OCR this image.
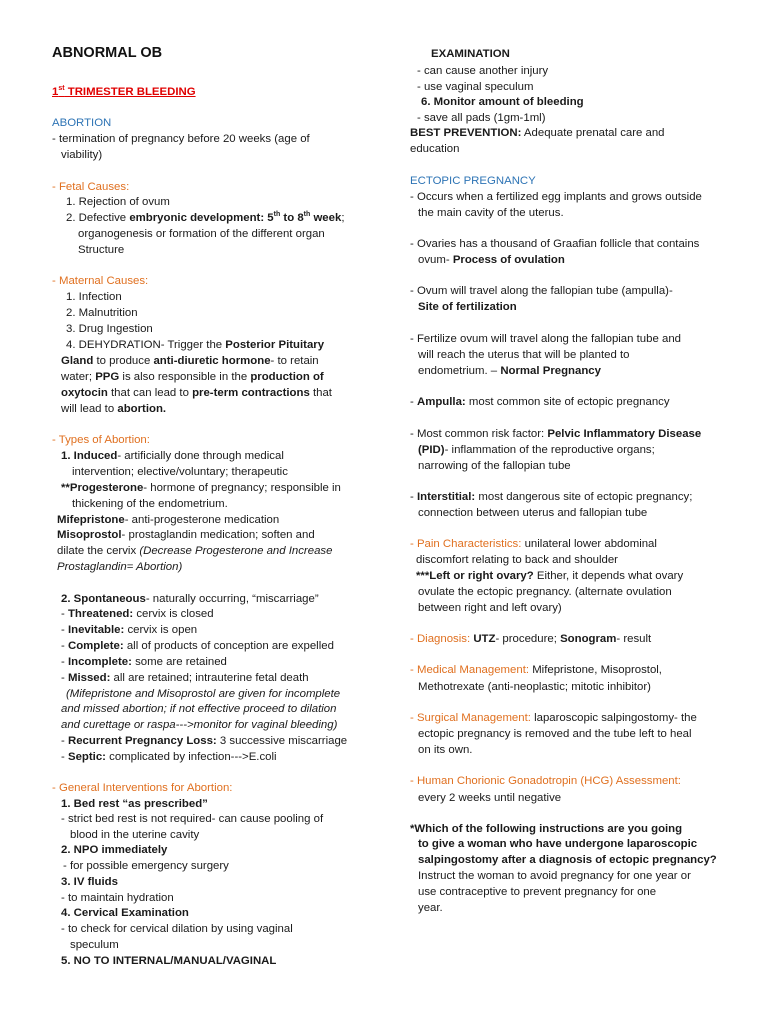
ABNORMAL OB
1st TRIMESTER BLEEDING
ABORTION
- termination of pregnancy before 20 weeks (age of
viability)
- Fetal Causes:
1. Rejection of ovum
2. Defective embryonic development: 5th to 8th week;
organogenesis or formation of the different organ
Structure
- Maternal Causes:
1. Infection
2. Malnutrition
3. Drug Ingestion
4. DEHYDRATION- Trigger the Posterior Pituitary
Gland to produce anti-diuretic hormone- to retain
water; PPG is also responsible in the production of
oxytocin that can lead to pre-term contractions that
will lead to abortion.
- Types of Abortion:
1. Induced- artificially done through medical
intervention; elective/voluntary; therapeutic
**Progesterone- hormone of pregnancy; responsible in
thickening of the endometrium.
Mifepristone- anti-progesterone medication
Misoprostol- prostaglandin medication; soften and
dilate the cervix (Decrease Progesterone and Increase
Prostaglandin= Abortion)
2. Spontaneous- naturally occurring, “miscarriage”
- Threatened: cervix is closed
- Inevitable: cervix is open
- Complete: all of products of conception are expelled
- Incomplete: some are retained
- Missed: all are retained; intrauterine fetal death
(Mifepristone and Misoprostol are given for incomplete
and missed abortion; if not effective proceed to dilation
and curettage or raspa--->monitor for vaginal bleeding)
- Recurrent Pregnancy Loss: 3 successive miscarriage
- Septic: complicated by infection--->E.coli
- General Interventions for Abortion:
1. Bed rest “as prescribed”
- strict bed rest is not required- can cause pooling of
blood in the uterine cavity
2. NPO immediately
- for possible emergency surgery
3. IV fluids
- to maintain hydration
4. Cervical Examination
- to check for cervical dilation by using vaginal
speculum
5. NO TO INTERNAL/MANUAL/VAGINAL
EXAMINATION
- can cause another injury
- use vaginal speculum
6. Monitor amount of bleeding
- save all pads (1gm-1ml)
BEST PREVENTION: Adequate prenatal care and
education
ECTOPIC PREGNANCY
- Occurs when a fertilized egg implants and grows outside
the main cavity of the uterus.
- Ovaries has a thousand of Graafian follicle that contains
ovum- Process of ovulation
- Ovum will travel along the fallopian tube (ampulla)-
Site of fertilization
- Fertilize ovum will travel along the fallopian tube and
will reach the uterus that will be planted to
endometrium. – Normal Pregnancy
- Ampulla: most common site of ectopic pregnancy
- Most common risk factor: Pelvic Inflammatory Disease
(PID)- inflammation of the reproductive organs;
narrowing of the fallopian tube
- Interstitial: most dangerous site of ectopic pregnancy;
connection between uterus and fallopian tube
- Pain Characteristics: unilateral lower abdominal
discomfort relating to back and shoulder
***Left or right ovary? Either, it depends what ovary
ovulate the ectopic pregnancy. (alternate ovulation
between right and left ovary)
- Diagnosis: UTZ- procedure; Sonogram- result
- Medical Management: Mifepristone, Misoprostol,
Methotrexate (anti-neoplastic; mitotic inhibitor)
- Surgical Management: laparoscopic salpingostomy- the
ectopic pregnancy is removed and the tube left to heal
on its own.
- Human Chorionic Gonadotropin (HCG) Assessment:
every 2 weeks until negative
*Which of the following instructions are you going
to give a woman who have undergone laparoscopic
salpingostomy after a diagnosis of ectopic pregnancy?
Instruct the woman to avoid pregnancy for one year or
use contraceptive to prevent pregnancy for one
year.
